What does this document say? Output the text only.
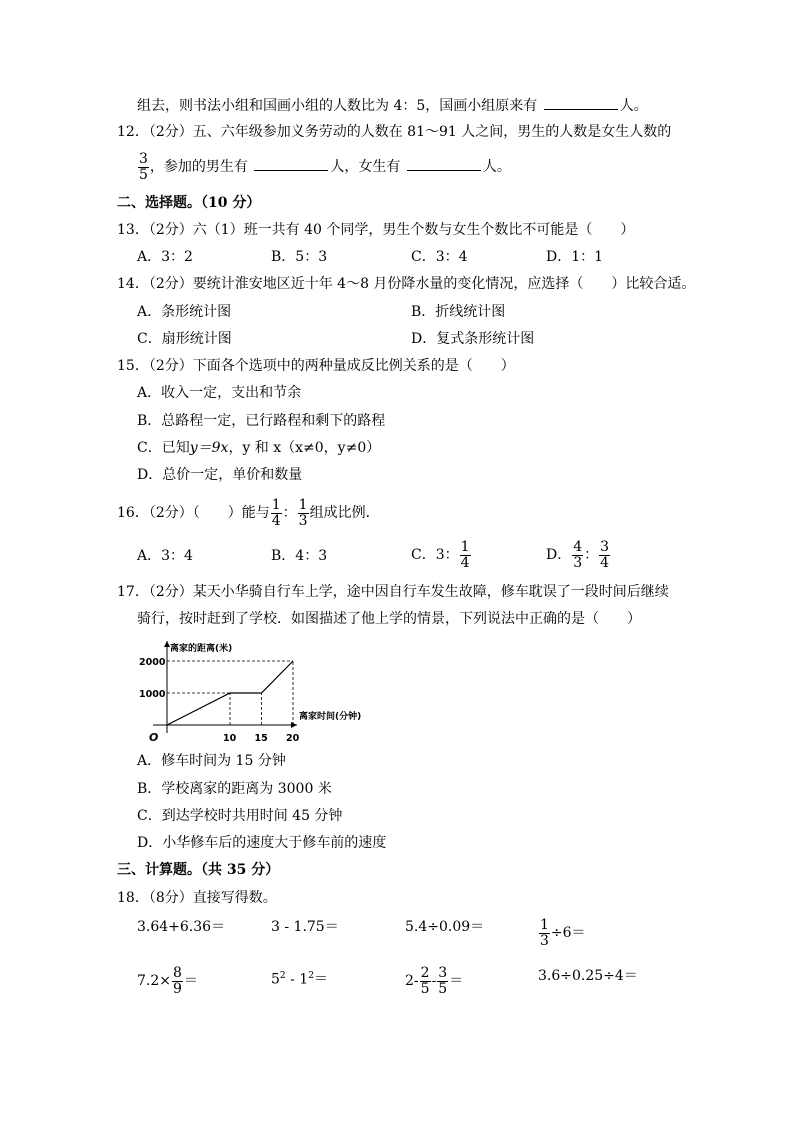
组去，则书法小组和国画小组的人数比为 4：5，国画小组原来有	人。
12．（2分）五、六年级参加义务劳动的人数在 81～91 人之间，男生的人数是女生人数的
$\frac{3}{5}$ ，参加的男生有	人，女生有	人。
二、选择题。（10 分）
13．（2分）六（1）班一共有 40 个同学，男生个数与女生个数比不可能是（　　）
A．3：2	B．5：3	C．3：4	D．1：1
14．（2分）要统计淮安地区近十年 4～8 月份降水量的变化情况，应选择（　　）比较合适。
A．条形统计图	B．折线统计图
C．扇形统计图	D．复式条形统计图
15．（2分）下面各个选项中的两种量成反比例关系的是（　　）
A．收入一定，支出和节余
B．总路程一定，已行路程和剩下的路程
C．已知y＝9x，y 和 x（x≠0，y≠0）
D．总价一定，单价和数量
16．（2分）（　　）能与 $\frac{1}{4}$ ： $\frac{1}{3}$ 组成比例．
A．3：4	B．4：3	C．3： $\frac{1}{4}$	D． $\frac{4}{3}$ ： $\frac{3}{4}$
17．（2分）某天小华骑自行车上学，途中因自行车发生故障，修车耽误了一段时间后继续
骑行，按时赶到了学校．如图描述了他上学的情景，下列说法中正确的是（　　）
离家的距离(米)
离家时间(分钟)
O
1000
2000
10 15 20
A．修车时间为 15 分钟
B．学校离家的距离为 3000 米
C．到达学校时共用时间 45 分钟
D．小华修车后的速度大于修车前的速度
三、计算题。（共 35 分）
18．（8分）直接写得数。
3.64+6.36＝	3 - 1.75＝	5.4÷0.09＝	$\frac{1}{3} \div 6=$
$7.2\times \frac{8}{9}$ ＝	$5^2 - 1^2=$	$2- \frac{2}{5} - \frac{3}{5}$ ＝	3.6÷0.25÷4＝
